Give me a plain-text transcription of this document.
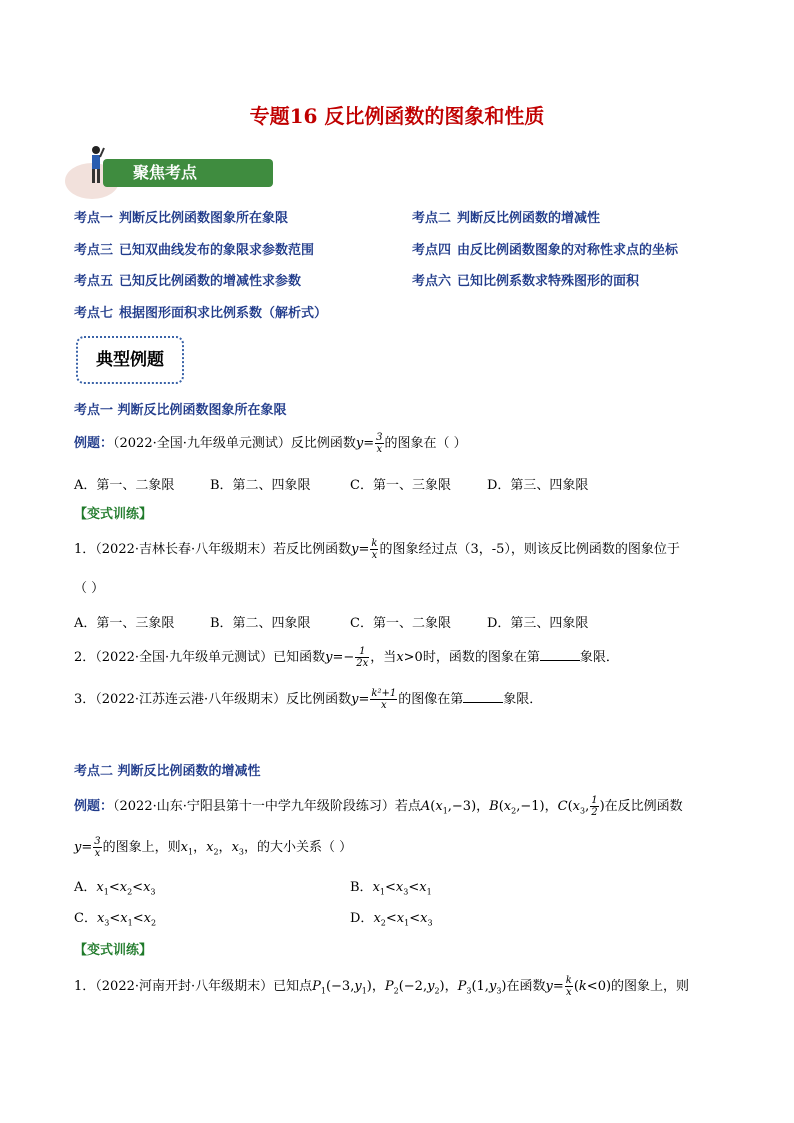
专题16 反比例函数的图象和性质
聚焦考点
考点一 判断反比例函数图象所在象限	考点二 判断反比例函数的增减性
考点三 已知双曲线发布的象限求参数范围	考点四 由反比例函数图象的对称性求点的坐标
考点五 已知反比例函数的增减性求参数	考点六 已知比例系数求特殊图形的面积
考点七 根据图形面积求比例系数（解析式）
典型例题
考点一 判断反比例函数图象所在象限
例题：（2022·全国·九年级单元测试）反比例函数$y= \frac{3}{x}$ 的图象在（ ）
A．第一、二象限	B．第二、四象限	C．第一、三象限	D．第三、四象限
【变式训练】
1．（2022·吉林长春·八年级期末）若反比例函数$y= \frac{k}{x}$ 的图象经过点（3，-5），则该反比例函数的图象位于
（ ）
A．第一、三象限	B．第二、四象限	C．第一、二象限	D．第三、四象限
2．（2022·全国·九年级单元测试）已知函数$y=- \frac{1}{2x}$ ，当x>0时，函数的图象在第	象限．
3．（2022·江苏连云港·八年级期末）反比例函数$y= \frac{\text{k²+1}}{x}$ 的图像在第	象限．
考点二 判断反比例函数的增减性
例题：（2022·山东·宁阳县第十一中学九年级阶段练习）若点$A(x_1,-3)$，$B(x_2,-1)$，$C(x_3$, $\frac{1}{2}$ )在反比例函数
$y= \frac{3}{x}$ 的图象上，则$x_1$，$x_2$，$x_3$，的大小关系（ ）
A．$x_1<x_2<x_3$	B．$x_1<x_3<x_1$
C．$x_3<x_1<x_2$	D．$x_2<x_1<x_3$
【变式训练】
1．（2022·河南开封·八年级期末）已知点$P_1(-3,y_1)$，$P_2(-2,y_2)$，$P_3(1,y_3)$在函数$y= \frac{k}{x} (k<0)$的图象上，则
